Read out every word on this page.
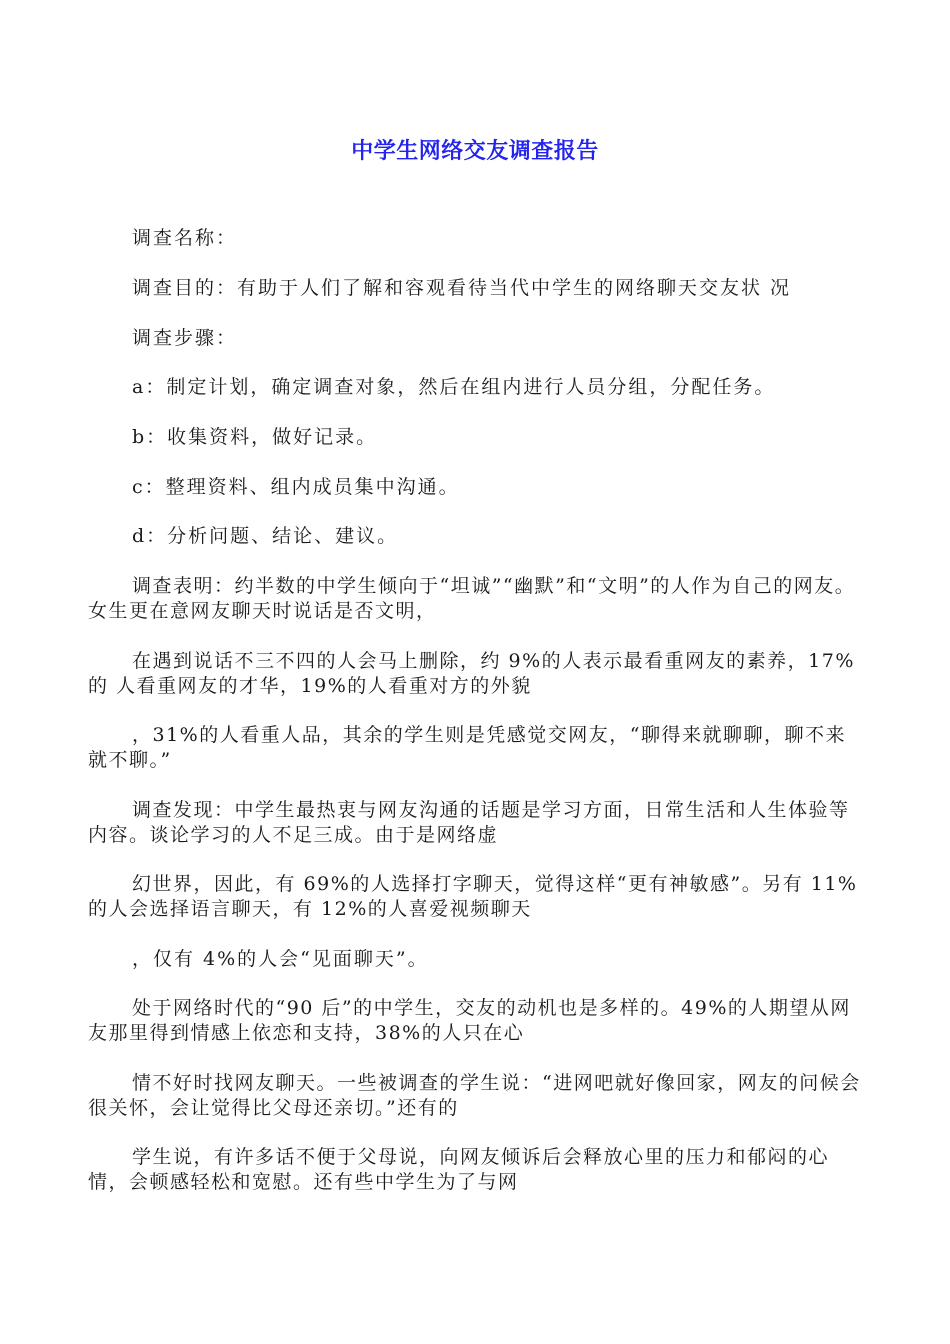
中学生网络交友调查报告
调查名称：
调查目的：有助于人们了解和容观看待当代中学生的网络聊天交友状 况
调查步骤：
a：制定计划，确定调查对象，然后在组内进行人员分组，分配任务。
b：收集资料，做好记录。
c：整理资料、组内成员集中沟通。
d：分析问题、结论、建议。
调查表明：约半数的中学生倾向于“坦诚”“幽默”和“文明”的人作为自己的网友。女生更在意网友聊天时说话是否文明，
在遇到说话不三不四的人会马上删除，约 9%的人表示最看重网友的素养，17%的 人看重网友的才华，19%的人看重对方的外貌
，31%的人看重人品，其余的学生则是凭感觉交网友，“聊得来就聊聊，聊不来就不聊。”
调查发现：中学生最热衷与网友沟通的话题是学习方面，日常生活和人生体验等内容。谈论学习的人不足三成。由于是网络虚
幻世界，因此，有 69%的人选择打字聊天，觉得这样“更有神敏感”。另有 11%的人会选择语言聊天，有 12%的人喜爱视频聊天
，仅有 4%的人会“见面聊天”。
处于网络时代的“90 后”的中学生，交友的动机也是多样的。49%的人期望从网友那里得到情感上依恋和支持，38%的人只在心
情不好时找网友聊天。一些被调查的学生说：“进网吧就好像回家，网友的问候会很关怀，会让觉得比父母还亲切。”还有的
学生说，有许多话不便于父母说，向网友倾诉后会释放心里的压力和郁闷的心情，会顿感轻松和宽慰。还有些中学生为了与网
